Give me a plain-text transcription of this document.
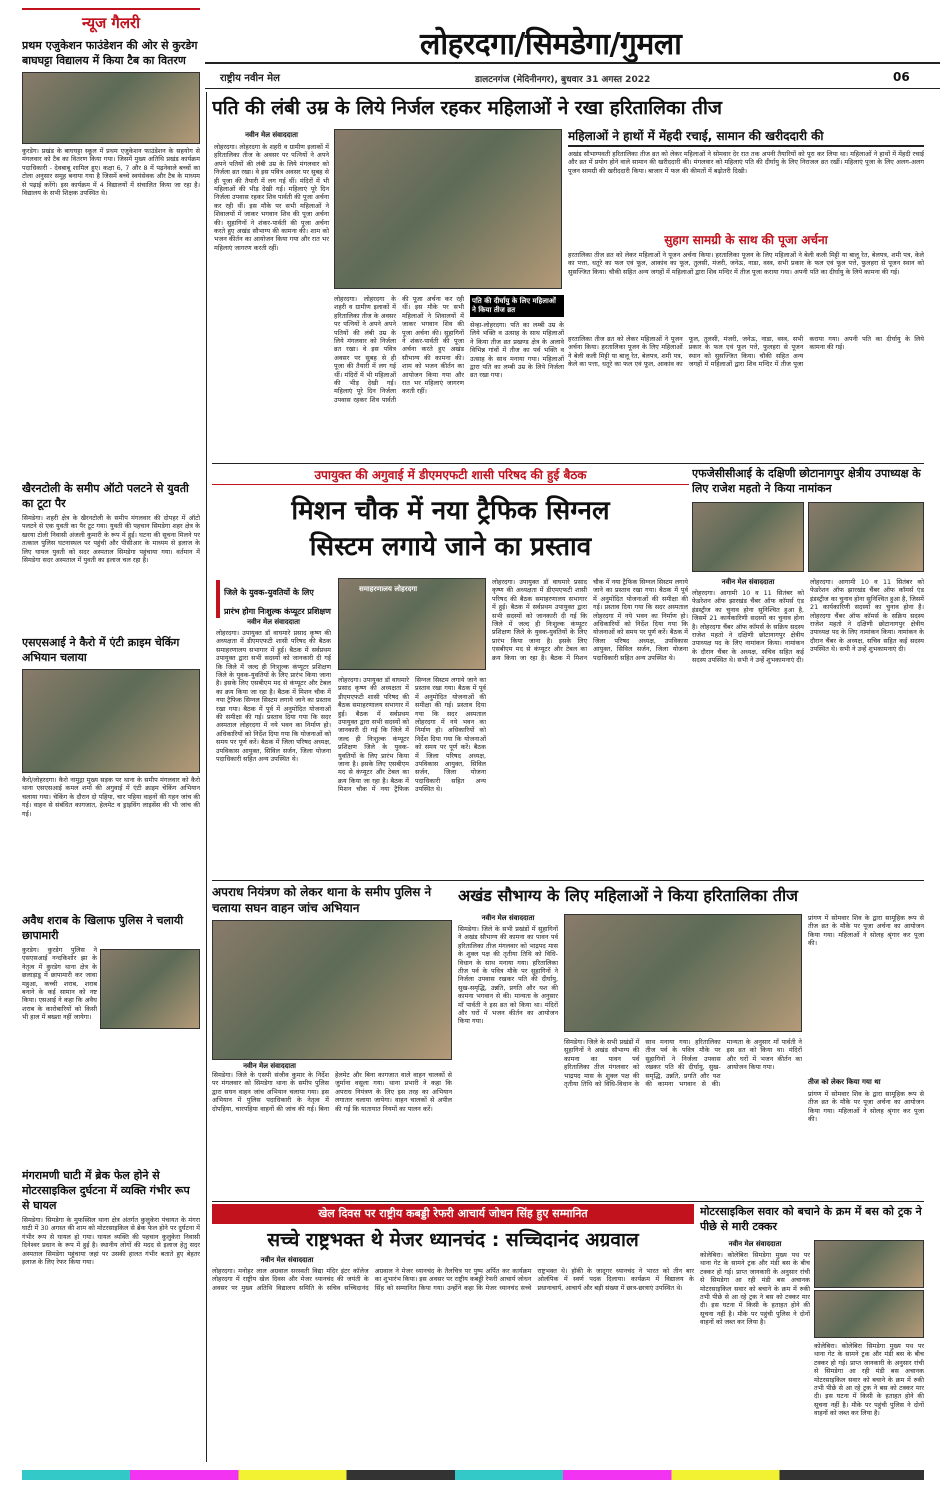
लोहरदगा/सिमडेगा/गुमला
राष्ट्रीय नवीन मेल	डालटनगंज (मेदिनीनगर), बुधवार 31 अगस्त 2022	06
न्यूज गैलरी
प्रथम एजुकेशन फाउंडेशन की ओर से कुरडेग बाघघट्टा विद्यालय में किया टैब का वितरण
कुरडेग। प्रखंड के बाघघट्टा स्कूल में प्रथम एजुकेशन फाउंडेशन के सहयोग से मंगलवार को टैब का वितरण किया गया। जिसमें मुख्य अतिथि प्रखंड कार्यक्रम पदाधिकारी - देवबाबू शामिल हुए। कक्षा 6, 7 और 8 में पढ़नेवाले बच्चों का टोला अनुसार समूह बनाया गया है जिसमें बच्चे स्वयंसेवक और टैब के माध्यम से पढ़ाई करेंगे। इस कार्यक्रम में 4 विद्यालयों में संचालित किया जा रहा है। विद्यालय के सभी शिक्षक उपस्थित थे।
खैरनटोली के समीप ऑटो पलटने से युवती का टूटा पैर
सिमडेगा। शहरी क्षेत्र के खैरनटोली के समीप मंगलवार की दोपहर में ऑटो पलटने से एक युवती का पैर टूट गया। युवती की पहचान सिमडेगा शहर क्षेत्र के खरया टोली निवासी अंजली कुमारी के रूप में हुई। घटना की सूचना मिलने पर तत्काल पुलिस घटनास्थल पर पहुंची और पीसीआर के माध्यम से इलाज के लिए घायल युवती को सदर अस्पताल सिमडेगा पहुंचाया गया। वर्तमान में सिमडेगा सदर अस्पताल में युवती का इलाज चल रहा है।
एसएसआई ने कैरो में एंटी क्राइम चेकिंग अभियान चलाया
कैरो/लोहरदगा। कैरो नामुद्गा मुख्य सड़क पर थाना के समीप मंगलवार को कैरो थाना एसएसआई कमल शर्मा की अगुवाई में एंटी क्राइम चेकिंग अभियान चलाया गया। चेकिंग के दौरान दो पहिया, चार पहिया वाहनों की गहन जांच की गई। वाहन से संबंधित कागजात, हेलमेट व ड्राइविंग लाइसेंस की भी जांच की गई।
अवैध शराब के खिलाफ पुलिस ने चलायी छापामारी
कुरडेग। कुरडेग पुलिस ने एसएसआई नन्दकिशोर झा के नेतृत्व में कुरडेग थाना क्षेत्र के छलाड़ाडू में छापामारी कर जावा महुआ, कच्ची शराब, शराब बनाने के कई सामान को नष्ट किया। एसआई ने कहा कि अवैध शराब के कारोबारियों को किसी भी हाल में बख्शा नहीं जायेगा।
मंगरामणी घाटी में ब्रेक फेल होने से मोटरसाइकिल दुर्घटना में व्यक्ति गंभीर रूप से घायल
सिमडेगा। सिमडेगा के मुफस्सिल थाना क्षेत्र अंतर्गत कुलुकेरा पंचायत के मंगरा घाटी में 30 अगस्त की शाम को मोटरसाइकिल से ब्रेक फेल होने पर दुर्घटना में गंभीर रूप से घायल हो गया। घायल व्यक्ति की पहचान कुलुकेरा निवासी दिनेश्वर प्रधान के रूप में हुई है। स्थानीय लोगों की मदद से इलाज हेतु सदर अस्पताल सिमडेगा पहुंचाया जहां पर उसकी हालत गंभीर बताते हुए बेहतर इलाज के लिए रेफर किया गया।
पति की लंबी उम्र के लिये निर्जल रहकर महिलाओं ने रखा हरितालिका तीज
नवीन मेल संवाददाता
लोहरदगा। लोहरदगा के शहरी व ग्रामीण इलाकों में हरितालिका तीज के अवसर पर पत्नियों ने अपने अपने पतियों की लंबी उम्र के लिये मंगलवार को निर्जला व्रत रखा। वे इस पवित्र अवसर पर सुबह से ही पूजा की तैयारी में लग गई थीं। मंदिरों में भी महिलाओं की भीड़ देखी गई। महिलाएं पूरे दिन निर्जला उपवास रहकर शिव पार्वती की पूजा अर्चना कर रही थीं। इस मौके पर सभी महिलाओं ने शिवालयों में जाकर भगवान शिव की पूजा अर्चना की। सुहागिनों ने शंकर-पार्वती की पूजा अर्चना करते हुए अखंड सौभाग्य की कामना की। शाम को भजन कीर्तन का आयोजन किया गया और रात भर महिलाएं जागरण करती रहीं।
लोहरदगा। लोहरदगा के शहरी व ग्रामीण इलाकों में हरितालिका तीज के अवसर पर पत्नियों ने अपने अपने पतियों की लंबी उम्र के लिये मंगलवार को निर्जला व्रत रखा। वे इस पवित्र अवसर पर सुबह से ही पूजा की तैयारी में लग गई थीं। मंदिरों में भी महिलाओं की भीड़ देखी गई। महिलाएं पूरे दिन निर्जला उपवास रहकर शिव पार्वती की पूजा अर्चना कर रही थीं। इस मौके पर सभी महिलाओं ने शिवालयों में जाकर भगवान शिव की पूजा अर्चना की। सुहागिनों ने शंकर-पार्वती की पूजा अर्चना करते हुए अखंड सौभाग्य की कामना की। शाम को भजन कीर्तन का आयोजन किया गया और रात भर महिलाएं जागरण करती रहीं।
पति की दीर्घायु के लिए महिलाओं ने किया तीज व्रत
सेन्हा-लोहरदगा। पति का लम्बी उम्र के लिये भक्ति व उत्साह के साथ महिलाओं ने किया तीज व्रत प्रखण्ड क्षेत्र के अलावे विभिन्न गांवों में तीज का पर्व भक्ति व उत्साह के साथ मनाया गया। महिलाओं द्वारा पति का लम्बी उम्र के लिये निर्जला व्रत रखा गया।
महिलाओं ने हाथों में मेंहदी रचाई, सामान की खरीददारी की
अखंड सौभाग्यवती हरितालिका तीज व्रत को लेकर महिलाओं ने सोमवार देर रात तक अपनी तैयारियों को पूरा कर लिया था। महिलाओं ने हाथों में मेंहदी रचाई और व्रत में प्रयोग होने वाले सामान की खरीददारी की। मंगलवार को महिलाएं पति की दीर्घायु के लिए निराजल व्रत रखीं। महिलाएं पूजा के लिए अलग-अलग पूजन सामग्री की खरीददारी किया। बाजार में फल की कीमतों में बढ़ोतरी दिखी।
सुहाग सामग्री के साथ की पूजा अर्चना
हरतालिका तीज व्रत को लेकर महिलाओं ने पूजन अर्चना किया। हरतालिका पूजन के लिए महिलाओं ने बेली कली मिट्टी या बालू रेत, बेलपत्र, शमी पत्र, केले का पत्ता, धतूरे का फल एवं फूल, आकांव का फूल, तुलसी, मंजरी, जनेऊ, नाडा, वस्त्र, सभी प्रकार के फल एवं फूल पत्ते, फुलहरा से पूजन स्थान को सुसज्जित किया। चौकी सहित अन्य जगहों में महिलाओं द्वारा शिव मन्दिर में तीज पूजा कराया गया। अपनी पति का दीर्घायु के लिये कामना की गई।
हरतालिका तीज व्रत को लेकर महिलाओं ने पूजन अर्चना किया। हरतालिका पूजन के लिए महिलाओं ने बेली कली मिट्टी या बालू रेत, बेलपत्र, शमी पत्र, केले का पत्ता, धतूरे का फल एवं फूल, आकांव का फूल, तुलसी, मंजरी, जनेऊ, नाडा, वस्त्र, सभी प्रकार के फल एवं फूल पत्ते, फुलहरा से पूजन स्थान को सुसज्जित किया। चौकी सहित अन्य जगहों में महिलाओं द्वारा शिव मन्दिर में तीज पूजा कराया गया। अपनी पति का दीर्घायु के लिये कामना की गई।
उपायुक्त की अगुवाई में डीएमएफटी शासी परिषद की हुई बैठक
मिशन चौक में नया ट्रैफिक सिग्नल
सिस्टम लगाये जाने का प्रस्ताव
जिले के युवक-युवतियों के लिए प्रारंभ होगा निःशुल्क कंप्यूटर प्रशिक्षण
समाहरणालय लोहरदगा
नवीन मेल संवाददाता
लोहरदगा। उपायुक्त डॉ वाघमारे प्रसाद कृष्ण की अध्यक्षता में डीएमएफटी शासी परिषद की बैठक समाहरणालय सभागार में हुई। बैठक में सर्वप्रथम उपायुक्त द्वारा सभी सदस्यों को जानकारी दी गई कि जिले में जल्द ही निःशुल्क कंप्यूटर प्रशिक्षण जिले के युवक-युवतियों के लिए प्रारंभ किया जाना है। इसके लिए एसबीएम मद से कंप्यूटर और टेबल का क्रय किया जा रहा है। बैठक में मिशन चौक में नया ट्रैफिक सिग्नल सिस्टम लगाये जाने का प्रस्ताव रखा गया। बैठक में पूर्व में अनुमोदित योजनाओं की समीक्षा की गई। प्रस्ताव दिया गया कि सदर अस्पताल लोहरदगा में नये भवन का निर्माण हो। अधिकारियों को निर्देश दिया गया कि योजनाओं को समय पर पूर्ण करें। बैठक में जिला परिषद अध्यक्ष, उपविकास आयुक्त, सिविल सर्जन, जिला योजना पदाधिकारी सहित अन्य उपस्थित थे।
लोहरदगा। उपायुक्त डॉ वाघमारे प्रसाद कृष्ण की अध्यक्षता में डीएमएफटी शासी परिषद की बैठक समाहरणालय सभागार में हुई। बैठक में सर्वप्रथम उपायुक्त द्वारा सभी सदस्यों को जानकारी दी गई कि जिले में जल्द ही निःशुल्क कंप्यूटर प्रशिक्षण जिले के युवक-युवतियों के लिए प्रारंभ किया जाना है। इसके लिए एसबीएम मद से कंप्यूटर और टेबल का क्रय किया जा रहा है। बैठक में मिशन चौक में नया ट्रैफिक सिग्नल सिस्टम लगाये जाने का प्रस्ताव रखा गया। बैठक में पूर्व में अनुमोदित योजनाओं की समीक्षा की गई। प्रस्ताव दिया गया कि सदर अस्पताल लोहरदगा में नये भवन का निर्माण हो। अधिकारियों को निर्देश दिया गया कि योजनाओं को समय पर पूर्ण करें। बैठक में जिला परिषद अध्यक्ष, उपविकास आयुक्त, सिविल सर्जन, जिला योजना पदाधिकारी सहित अन्य उपस्थित थे।
लोहरदगा। उपायुक्त डॉ वाघमारे प्रसाद कृष्ण की अध्यक्षता में डीएमएफटी शासी परिषद की बैठक समाहरणालय सभागार में हुई। बैठक में सर्वप्रथम उपायुक्त द्वारा सभी सदस्यों को जानकारी दी गई कि जिले में जल्द ही निःशुल्क कंप्यूटर प्रशिक्षण जिले के युवक-युवतियों के लिए प्रारंभ किया जाना है। इसके लिए एसबीएम मद से कंप्यूटर और टेबल का क्रय किया जा रहा है। बैठक में मिशन चौक में नया ट्रैफिक सिग्नल सिस्टम लगाये जाने का प्रस्ताव रखा गया। बैठक में पूर्व में अनुमोदित योजनाओं की समीक्षा की गई। प्रस्ताव दिया गया कि सदर अस्पताल लोहरदगा में नये भवन का निर्माण हो। अधिकारियों को निर्देश दिया गया कि योजनाओं को समय पर पूर्ण करें। बैठक में जिला परिषद अध्यक्ष, उपविकास आयुक्त, सिविल सर्जन, जिला योजना पदाधिकारी सहित अन्य उपस्थित थे।
एफजेसीसीआई के दक्षिणी छोटानागपुर क्षेत्रीय उपाध्यक्ष के लिए राजेश महतो ने किया नामांकन
नवीन मेल संवाददाता
लोहरदगा। आगामी 10 व 11 सितंबर को फेडरेशन ऑफ झारखंड चैंबर ऑफ कॉमर्स एंड इंडस्ट्रीज का चुनाव होना सुनिश्चित हुआ है, जिसमें 21 कार्यकारिणी सदस्यों का चुनाव होना है। लोहरदगा चैंबर ऑफ कॉमर्स के सक्रिय सदस्य राजेश महतो ने दक्षिणी छोटानागपुर क्षेत्रीय उपाध्यक्ष पद के लिए नामांकन किया। नामांकन के दौरान चैंबर के अध्यक्ष, सचिव सहित कई सदस्य उपस्थित थे। सभी ने उन्हें शुभकामनाएं दी।
लोहरदगा। आगामी 10 व 11 सितंबर को फेडरेशन ऑफ झारखंड चैंबर ऑफ कॉमर्स एंड इंडस्ट्रीज का चुनाव होना सुनिश्चित हुआ है, जिसमें 21 कार्यकारिणी सदस्यों का चुनाव होना है। लोहरदगा चैंबर ऑफ कॉमर्स के सक्रिय सदस्य राजेश महतो ने दक्षिणी छोटानागपुर क्षेत्रीय उपाध्यक्ष पद के लिए नामांकन किया। नामांकन के दौरान चैंबर के अध्यक्ष, सचिव सहित कई सदस्य उपस्थित थे। सभी ने उन्हें शुभकामनाएं दी।
अपराध नियंत्रण को लेकर थाना के समीप पुलिस ने चलाया सघन वाहन जांच अभियान
नवीन मेल संवाददाता
सिमडेगा। जिले के एसपी संजीव कुमार के निर्देश पर मंगलवार को सिमडेगा थाना के समीप पुलिस द्वारा सघन वाहन जांच अभियान चलाया गया। इस अभियान में पुलिस पदाधिकारी के नेतृत्व में दोपहिया, चारपहिया वाहनों की जांच की गई। बिना हेलमेट और बिना कागजात वाले वाहन चालकों से जुर्माना वसूला गया। थाना प्रभारी ने कहा कि अपराध नियंत्रण के लिए इस तरह का अभियान लगातार चलाया जायेगा। वाहन चालकों से अपील की गई कि यातायात नियमों का पालन करें।
अखंड सौभाग्य के लिए महिलाओं ने किया हरितालिका तीज
नवीन मेल संवाददाता
सिमडेगा। जिले के सभी प्रखंडों में सुहागिनों ने अखंड सौभाग्य की कामना का पावन पर्व हरितालिका तीज मंगलवार को भाद्रपद मास के शुक्ल पक्ष की तृतीया तिथि को विधि-विधान के साथ मनाया गया। हरितालिका तीज पर्व के पवित्र मौके पर सुहागिनों ने निर्जला उपवास रखकर पति की दीर्घायु, सुख-समृद्धि, उन्नति, प्रगति और यश की कामना भगवान से की। मान्यता के अनुसार माँ पार्वती ने इस व्रत को किया था। मंदिरों और घरों में भजन कीर्तन का आयोजन किया गया।
सिमडेगा। जिले के सभी प्रखंडों में सुहागिनों ने अखंड सौभाग्य की कामना का पावन पर्व हरितालिका तीज मंगलवार को भाद्रपद मास के शुक्ल पक्ष की तृतीया तिथि को विधि-विधान के साथ मनाया गया। हरितालिका तीज पर्व के पवित्र मौके पर सुहागिनों ने निर्जला उपवास रखकर पति की दीर्घायु, सुख-समृद्धि, उन्नति, प्रगति और यश की कामना भगवान से की। मान्यता के अनुसार माँ पार्वती ने इस व्रत को किया था। मंदिरों और घरों में भजन कीर्तन का आयोजन किया गया।
प्रांगण में सोमवार शिव के द्वारा सामूहिक रूप से तीज व्रत के मौके पर पूजा अर्चना का आयोजन किया गया। महिलाओं ने सोलह श्रृंगार कर पूजा की।
तीज को लेकर किया गया था
प्रांगण में सोमवार शिव के द्वारा सामूहिक रूप से तीज व्रत के मौके पर पूजा अर्चना का आयोजन किया गया। महिलाओं ने सोलह श्रृंगार कर पूजा की।
खेल दिवस पर राष्ट्रीय कबड्डी रेफरी आचार्य जोधन सिंह हुए सम्मानित
सच्चे राष्ट्रभक्त थे मेजर ध्यानचंद : सच्चिदानंद अग्रवाल
नवीन मेल संवाददाता
लोहरदगा। मनोहर लाल अग्रवाल सरस्वती विद्या मंदिर इंटर कॉलेज लोहरदगा में राष्ट्रीय खेल दिवस और मेजर ध्यानचंद की जयंती के अवसर पर मुख्य अतिथि विद्यालय समिति के सचिव सच्चिदानंद अग्रवाल ने मेजर ध्यानचंद के तैलचित्र पर पुष्प अर्पित कर कार्यक्रम का शुभारंभ किया। इस अवसर पर राष्ट्रीय कबड्डी रेफरी आचार्य जोधन सिंह को सम्मानित किया गया। उन्होंने कहा कि मेजर ध्यानचंद सच्चे राष्ट्रभक्त थे। हॉकी के जादूगर ध्यानचंद ने भारत को तीन बार ओलंपिक में स्वर्ण पदक दिलाया। कार्यक्रम में विद्यालय के प्रधानाचार्य, आचार्य और बड़ी संख्या में छात्र-छात्राएं उपस्थित थे।
मोटरसाइकिल सवार को बचाने के क्रम में बस को ट्रक ने पीछे से मारी टक्कर
नवीन मेल संवाददाता
कोलेबिरा। कोलेबिरा सिमडेगा मुख्य पथ पर थाना गेट के सामने ट्रक और मंडी बस के बीच टक्कर हो गई। प्राप्त जानकारी के अनुसार रांची से सिमडेगा आ रही मंडी बस अचानक मोटरसाइकिल सवार को बचाने के क्रम में रुकी तभी पीछे से आ रहे ट्रक ने बस को टक्कर मार दी। इस घटना में किसी के हताहत होने की सूचना नहीं है। मौके पर पहुंची पुलिस ने दोनों वाहनों को जब्त कर लिया है।
कोलेबिरा। कोलेबिरा सिमडेगा मुख्य पथ पर थाना गेट के सामने ट्रक और मंडी बस के बीच टक्कर हो गई। प्राप्त जानकारी के अनुसार रांची से सिमडेगा आ रही मंडी बस अचानक मोटरसाइकिल सवार को बचाने के क्रम में रुकी तभी पीछे से आ रहे ट्रक ने बस को टक्कर मार दी। इस घटना में किसी के हताहत होने की सूचना नहीं है। मौके पर पहुंची पुलिस ने दोनों वाहनों को जब्त कर लिया है।
